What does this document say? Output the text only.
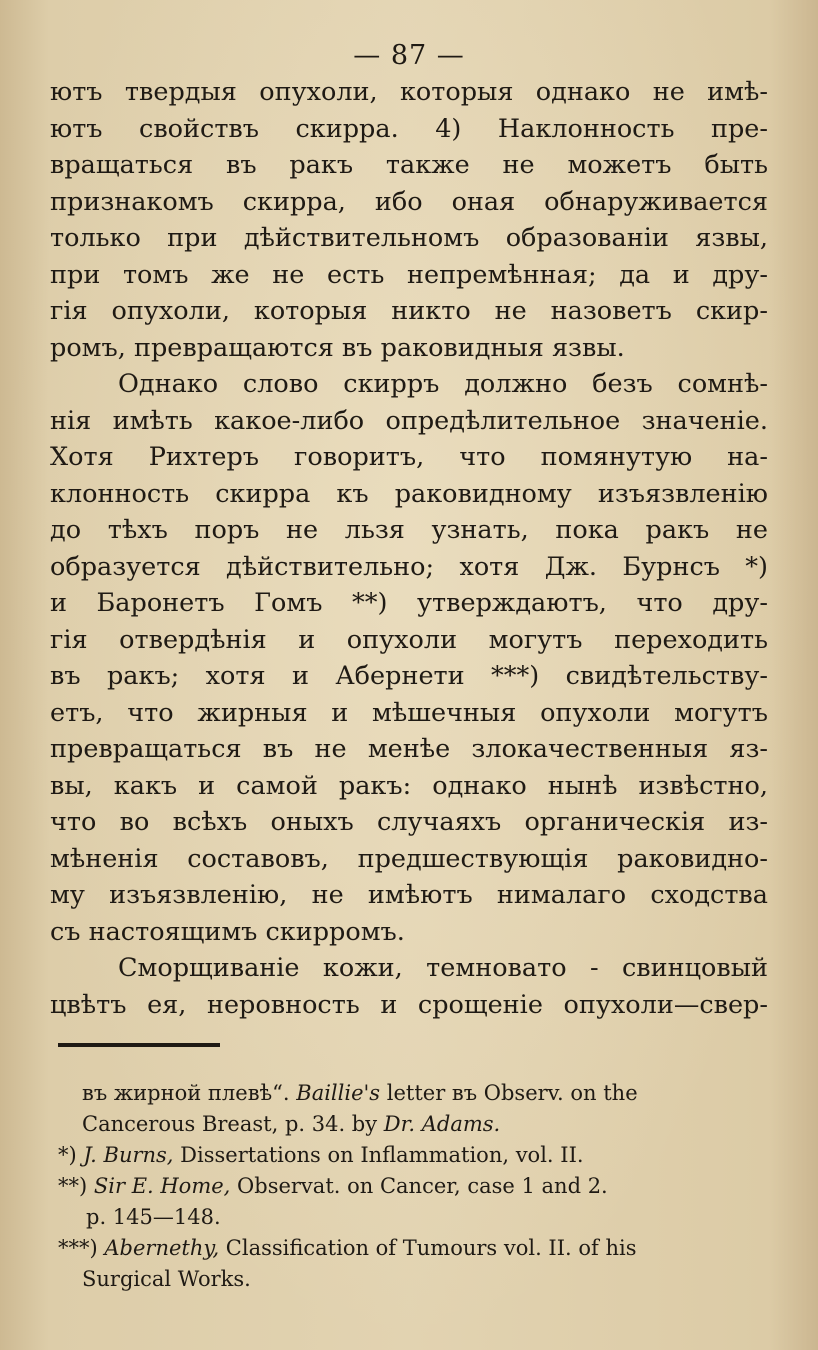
— 87 —
ютъ твердыя опухоли, которыя однако не имѣ-
ютъ свойствъ скирра. 4) Наклонность пре-
вращаться въ ракъ также не можетъ быть
признакомъ скирра, ибо оная обнаруживается
только при дѣйствительномъ образованіи язвы,
при томъ же не есть непремѣнная; да и дру-
гія опухоли, которыя никто не назоветъ скир-
ромъ, превращаются въ раковидныя язвы.
Однако слово скирръ должно безъ сомнѣ-
нія имѣть какое-либо опредѣлительное значеніе.
Хотя Рихтеръ говоритъ, что помянутую на-
клонность скирра къ раковидному изъязвленію
до тѣхъ поръ не льзя узнать, пока ракъ не
образуется дѣйствительно; хотя Дж. Бурнсъ *)
и Баронетъ Гомъ **) утверждаютъ, что дру-
гія отвердѣнія и опухоли могутъ переходить
въ ракъ; хотя и Абернети ***) свидѣтельству-
етъ, что жирныя и мѣшечныя опухоли могутъ
превращаться въ не менѣе злокачественныя яз-
вы, какъ и самой ракъ: однако нынѣ извѣстно,
что во всѣхъ оныхъ случаяхъ органическія из-
мѣненія составовъ, предшествующія раковидно-
му изъязвленію, не имѣютъ нималаго сходства
съ настоящимъ скирромъ.
Сморщиваніе кожи, темновато - свинцовый
цвѣтъ ея, неровность и срощеніе опухоли—свер-
въ жирной плевѣ“. Baillie's letter въ Observ. on the
Cancerous Breast, p. 34. by Dr. Adams.
*) J. Burns, Dissertations on Inflammation, vol. II.
**) Sir E. Home, Observat. on Cancer, case 1 and 2.
p. 145—148.
***) Abernethy, Classification of Tumours vol. II. of his
Surgical Works.
